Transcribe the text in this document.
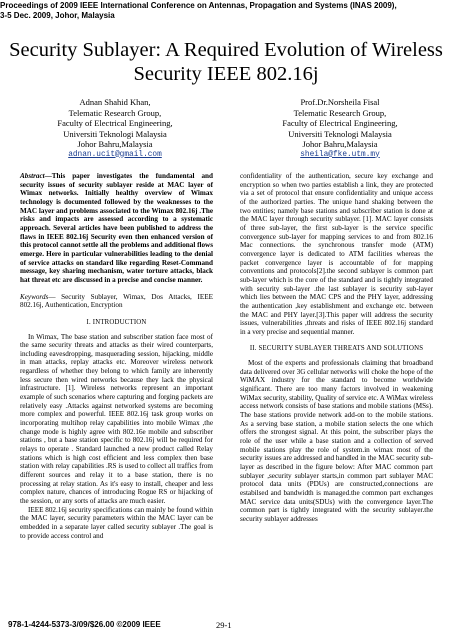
Proceedings of 2009 IEEE International Conference on Antennas, Propagation and Systems (INAS 2009),
3-5 Dec. 2009, Johor, Malaysia
Security Sublayer: A Required Evolution of Wireless
Security IEEE 802.16j
Adnan Shahid Khan,
Telematic Research Group,
Faculty of Electrical Engineering,
Universiti Teknologi Malaysia
Johor Bahru,Malaysia
adnan.ucit@gmail.com
Prof.Dr.Norsheila Fisal
Telematic Research Group,
Faculty of Electrical Engineering,
Universiti Teknologi Malaysia
Johor Bahru,Malaysia
sheila@fke.utm.my

Abstract—This paper investigates the fundamental and security issues of security sublayer reside at MAC layer of Wimax networks. Initially healthy overview of Wimax technology is documented followed by the weaknesses to the MAC layer and problems associated to the Wimax 802.16j .The risks and impacts are assessed according to a systematic approach. Several articles have been published to address the flaws in IEEE 802.16j Security even then enhanced version of this protocol cannot settle all the problems and additional flows emerge. Here in particular vulnerabilities leading to the denial of service attacks on standard like regarding Reset-Command message, key sharing mechanism, water torture attacks, black hat threat etc are discussed in a precise and concise manner.

Keywords— Security Sublayer, Wimax, Dos Attacks, IEEE 802.16j, Authentication, Encryption

I. INTRODUCTION

In Wimax, The base station and subscriber station face most of the same security threats and attacks as their wired counterparts, including eavesdropping, masquerading session, hijacking, middle in man attacks, replay attacks etc. Moreover wireless network regardless of whether they belong to which family are inherently less secure then wired networks because they lack the physical infrastructure. [1]. Wireless networks represent an important example of such scenarios where capturing and forging packets are relatively easy .Attacks against networked systems are becoming more complex and powerful. IEEE 802.16j task group works on incorporating multihop relay capabilities into mobile Wimax ,the change mode is highly agree with 802.16e mobile and subscriber stations , but a base station specific to 802.16j will be required for relays to operate . Standard launched a new product called Relay stations which is high cost efficient and less complex then base station with relay capabilities .RS is used to collect all traffics from different sources and relay it to a base station, there is no processing at relay station. As it's easy to install, cheaper and less complex nature, chances of introducing Rogue RS or hijacking of the session, or any sorts of attacks are much easier.

IEEE 802.16j security specifications can mainly be found within the MAC layer, security parameters within the MAC layer can be embedded in a separate layer called security sublayer .The goal is to provide access control and

confidentiality of the authentication, secure key exchange and encryption so when two parties establish a link, they are protected via a set of protocol that ensure confidentiality and unique access of the authorized parties. The unique hand shaking between the two entities; namely base stations and subscriber station is done at the MAC layer through security sublayer. [1]. MAC layer consists of three sub-layer, the first sub-layer is the service specific convergence sub-layer for mapping services to and from 802.16 Mac connections. the synchronous transfer mode (ATM) convergence layer is dedicated to ATM facilities whereas the packet convergence layer is accountable of for mapping conventions and protocols[2].the second sublayer is common part sub-layer which is the core of the standard and is tightly integrated with security sub-layer .the last sublayer is security sub-layer which lies between the MAC CPS and the PHY layer, addressing the authentication ,key establishment and exchange etc. between the MAC and PHY layer.[3].This paper will address the security issues, vulnerabilities ,threats and risks of IEEE 802.16j standard in a very precise and sequential manner.

II. SECURITY SUBLAYER THREATS AND SOLUTIONS

Most of the experts and professionals claiming that broadband data delivered over 3G cellular networks will choke the hope of the WiMAX industry for the standard to become worldwide significant. There are too many factors involved in weakening WiMax security, stability, Quality of service etc. A WiMax wireless access network consists of base stations and mobile stations (MSs). The base stations provide network add-on to the mobile stations. As a serving base station, a mobile station selects the one which offers the strongest signal. At this point, the subscriber plays the role of the user while a base station and a collection of served mobile stations play the role of system.in wimax most of the security issues are addressed and handled in the MAC security sub-layer as described in the figure below: After MAC common part sublayer ,security sublayer starts,in common part sublayer MAC protocol data units (PDUs) are constructed,connections are estabilsed and bandwidth is managed.the common part exchanges MAC service data units(SDUs) with the convergence layer.The common part is tightly integrated with the security sublayer.the security sublayer addresses

978-1-4244-5373-3/09/$26.00 ©2009 IEEE	29-1
